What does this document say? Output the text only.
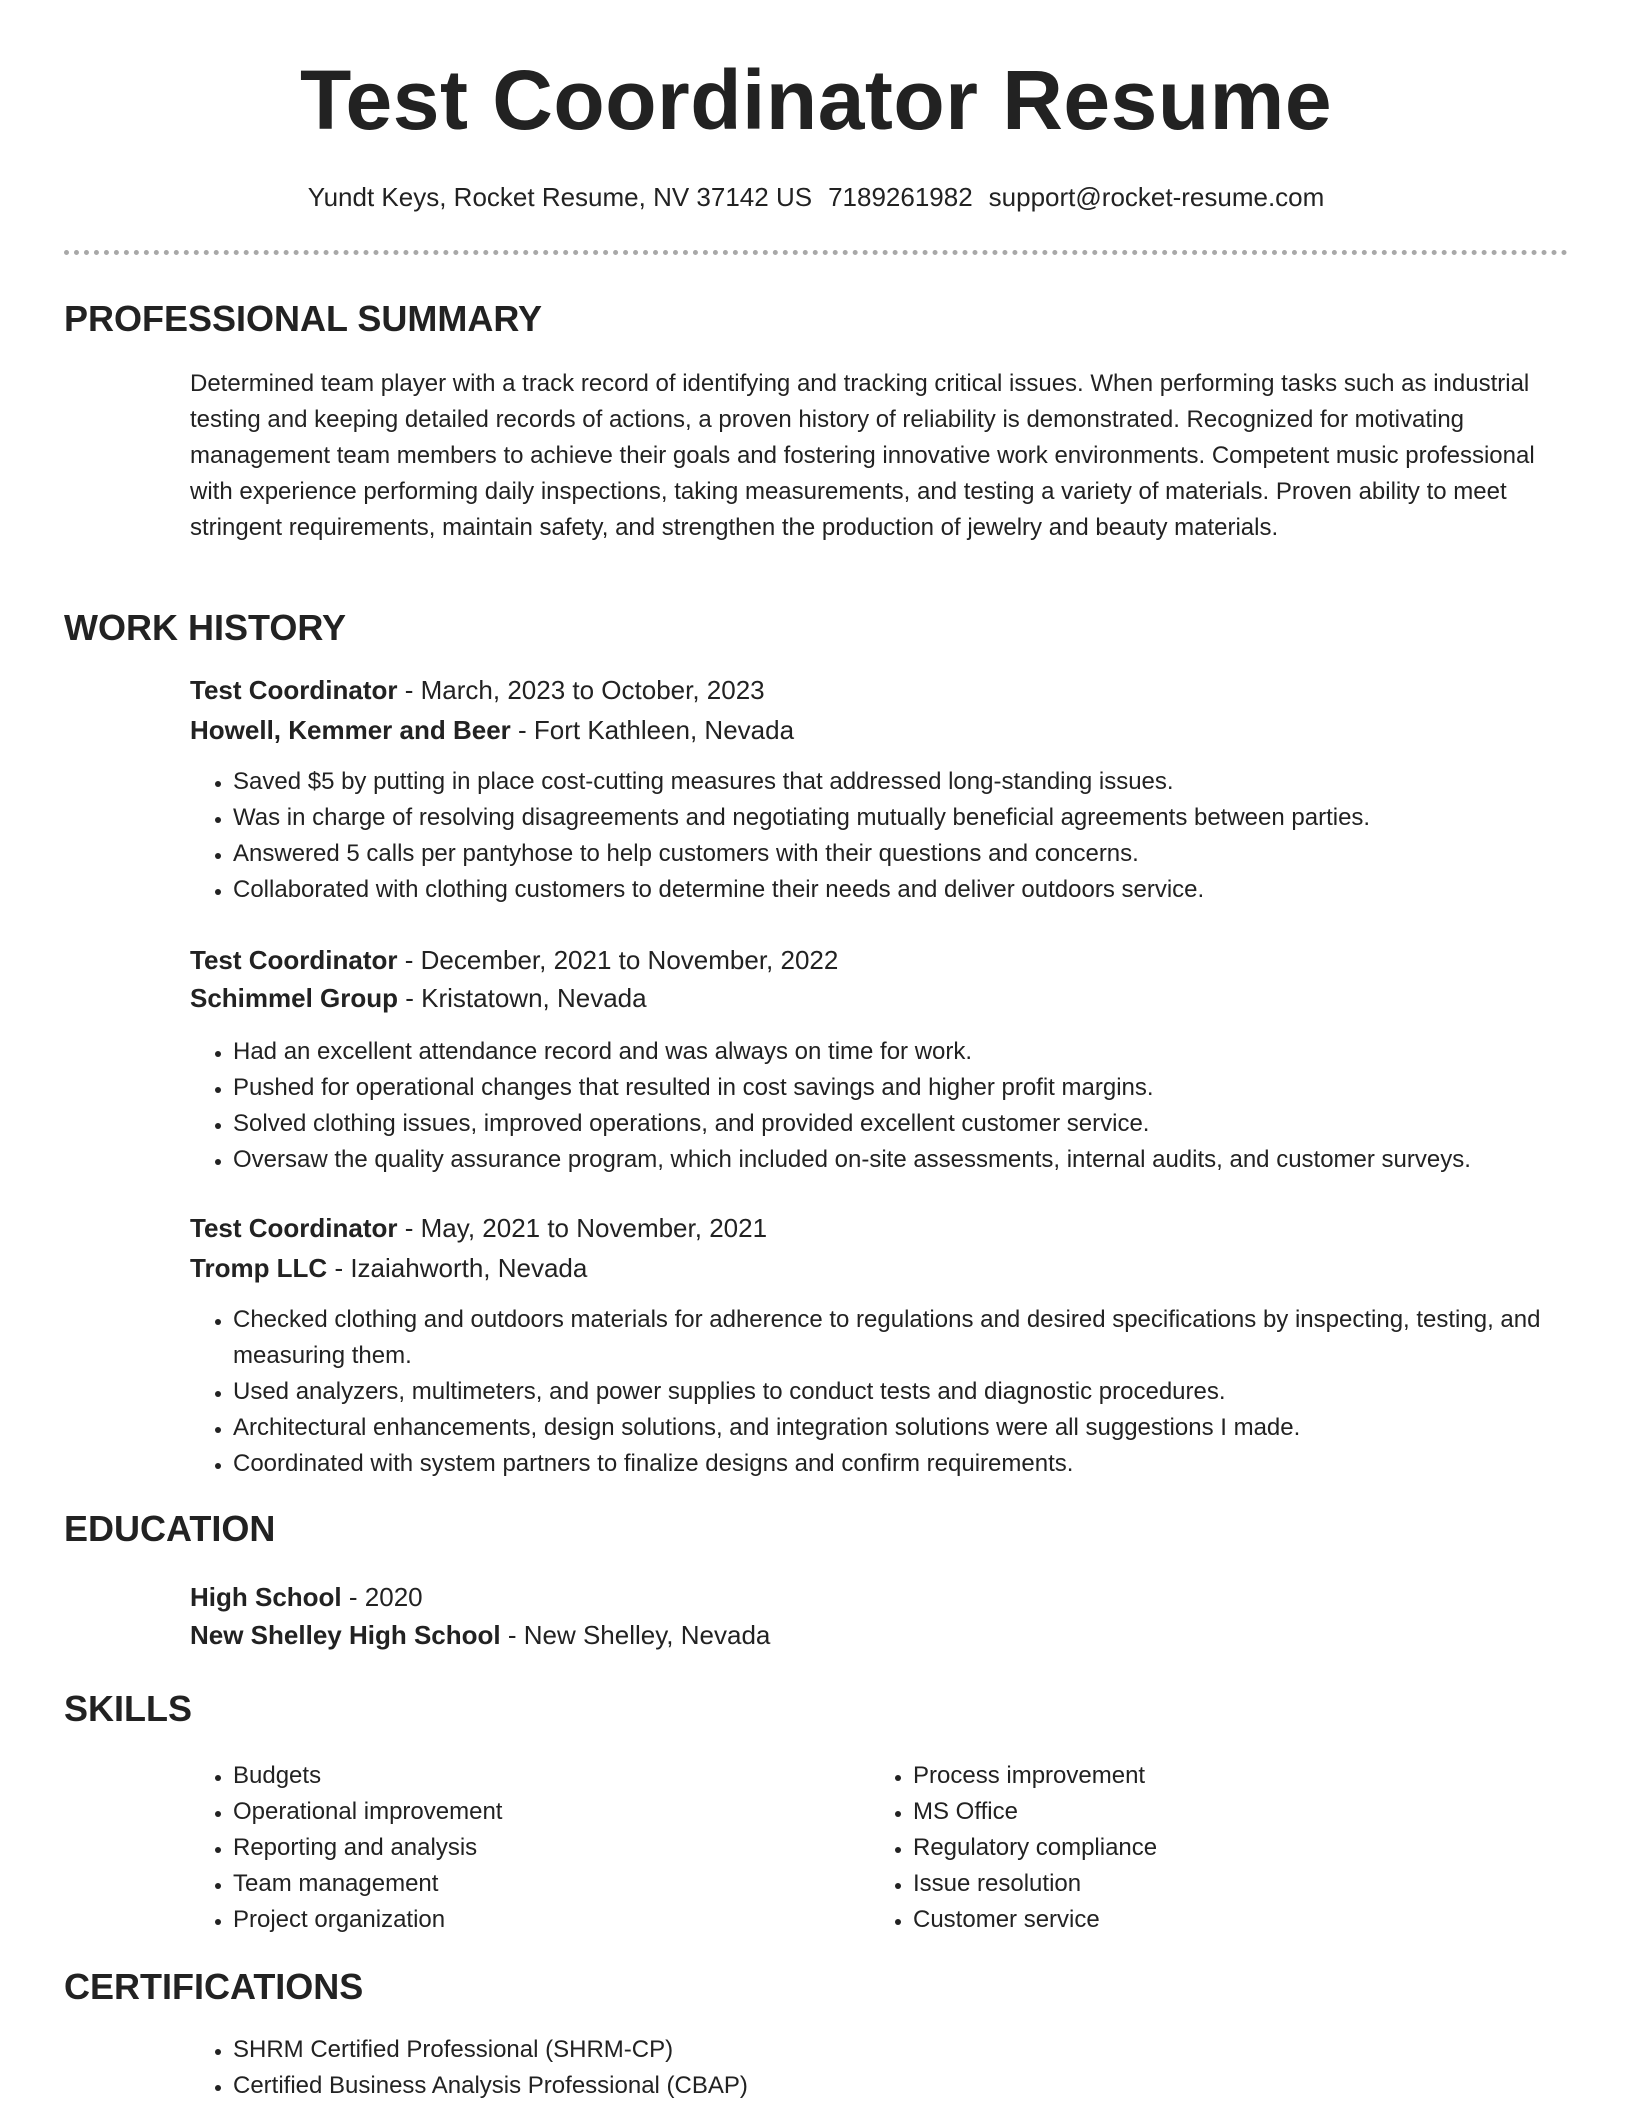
Test Coordinator Resume
Yundt Keys, Rocket Resume, NV 37142 US 7189261982 support@rocket-resume.com
PROFESSIONAL SUMMARY

Determined team player with a track record of identifying and tracking critical issues. When performing tasks such as industrial testing and keeping detailed records of actions, a proven history of reliability is demonstrated. Recognized for motivating management team members to achieve their goals and fostering innovative work environments. Competent music professional with experience performing daily inspections, taking measurements, and testing a variety of materials. Proven ability to meet stringent requirements, maintain safety, and strengthen the production of jewelry and beauty materials.

WORK HISTORY
Test Coordinator - March, 2023 to October, 2023
Howell, Kemmer and Beer - Fort Kathleen, Nevada
• Saved $5 by putting in place cost-cutting measures that addressed long-standing issues.
• Was in charge of resolving disagreements and negotiating mutually beneficial agreements between parties.
• Answered 5 calls per pantyhose to help customers with their questions and concerns.
• Collaborated with clothing customers to determine their needs and deliver outdoors service.
Test Coordinator - December, 2021 to November, 2022
Schimmel Group - Kristatown, Nevada
• Had an excellent attendance record and was always on time for work.
• Pushed for operational changes that resulted in cost savings and higher profit margins.
• Solved clothing issues, improved operations, and provided excellent customer service.
• Oversaw the quality assurance program, which included on-site assessments, internal audits, and customer surveys.
Test Coordinator - May, 2021 to November, 2021
Tromp LLC - Izaiahworth, Nevada
• Checked clothing and outdoors materials for adherence to regulations and desired specifications by inspecting, testing, and measuring them.
• Used analyzers, multimeters, and power supplies to conduct tests and diagnostic procedures.
• Architectural enhancements, design solutions, and integration solutions were all suggestions I made.
• Coordinated with system partners to finalize designs and confirm requirements.
EDUCATION
High School - 2020
New Shelley High School - New Shelley, Nevada
SKILLS
• Budgets
• Operational improvement
• Reporting and analysis
• Team management
• Project organization
• Process improvement
• MS Office
• Regulatory compliance
• Issue resolution
• Customer service
CERTIFICATIONS
• SHRM Certified Professional (SHRM-CP)
• Certified Business Analysis Professional (CBAP)
